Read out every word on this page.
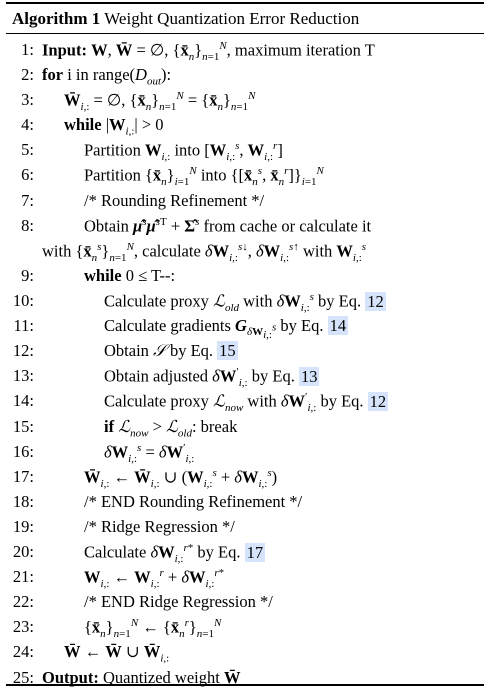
Algorithm 1 Weight Quantization Error Reduction
1: Input: W, W̄ = ∅, $\{x̄_n\}_{n=1}^N$, maximum iteration T
2: for i in $range(D_{out})$:
3: $W̄_{i,:}$ = ∅, $\{x̄_n\}_{n=1}^N$ = $\{x̄_n\}_{n=1}^N$
4: while $|W_{i,:}| > 0$
5:	Partition $W_{i,:}$ into [$W_{i,:}^s$, $W_{i,:}^r$]
6:	Partition $\{x̄_n\}_{i=1}^N$ into {[$x̄_n^s$, $x̄_n^r]\}_{i=1}^N$
7:	/* Rounding Refinement */
8:	Obtain μ̂$^s$μ̂$^{sT}$ + Σ̂$^s$ from cache or calculate it
with $\{x̄_n^s\}_{n=1}^N$, calculate $\delta W_{i,:}^{s↓}$, $\delta W_{i,:}^{s↑}$ with $W_{i,:}^s$
9:	while 0 ≤ T--:
10:	Calculate proxy ℒ$_{old}$ with $\delta W_{i,:}^s$ by Eq. 12
11:	Calculate gradients $G_{\delta W_{i,:}^s}$ by Eq. 14
12:	Obtain 𝒮 by Eq. 15
13:	Obtain adjusted $\delta W'_{i,:}$ by Eq. 13
14:	Calculate proxy ℒ$_{now}$ with $\delta W'_{i,:}$ by Eq. 12
15:	if ℒ$_{now}$ > ℒ$_{old}$: break
16:	$\delta W_{i,:}^s = \delta W'_{i,:}$
17:	$W̄_{i,:}$ ← $W̄_{i,:}$ ∪ $(W_{i,:}^s + \delta W_{i,:}^s)$
18:	/* END Rounding Refinement */
19:	/* Ridge Regression */
20:	Calculate $\delta W_{i,:}^{r*}$ by Eq. 17
21:	$W_{i,:}$ ← $W_{i,:}^r + \delta W_{i,:}^{r*}$
22:	/* END Ridge Regression */
23:	$\{x̄_n\}_{n=1}^N$ ← $\{x̄_n^r\}_{n=1}^N$
24: W̄ ← W̄ ∪ $W̄_{i,:}$
25: Output: Quantized weight W̄
